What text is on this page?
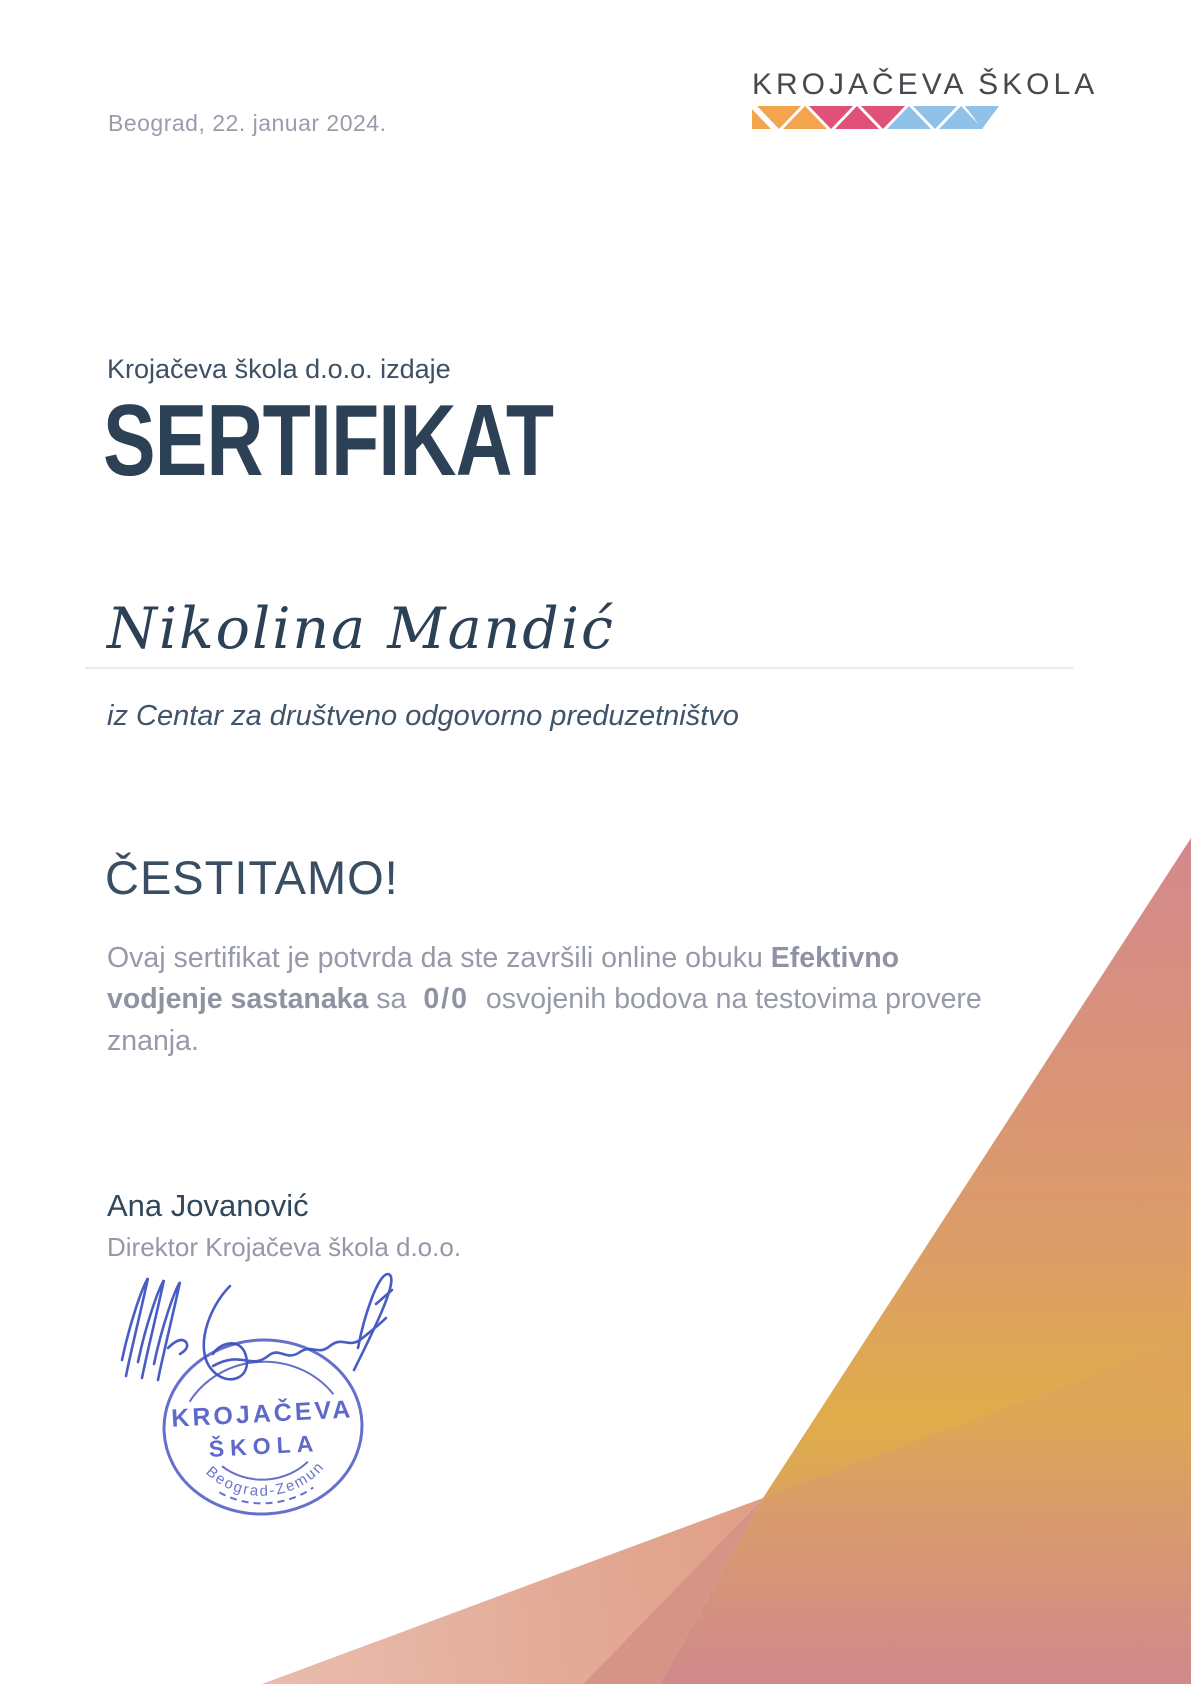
Beograd, 22. januar 2024.
KROJAČEVA ŠKOLA
Krojačeva škola d.o.o. izdaje
SERTIFIKAT
Nikolina Mandić
iz Centar za društveno odgovorno preduzetništvo
ČESTITAMO!

Ovaj sertifikat je potvrda da ste završili online obuku Efektivno vodjenje sastanaka sa 0/0 osvojenih bodova na testovima provere znanja.

Ana Jovanović
Direktor Krojačeva škola d.o.o.
KROJAČEVA
ŠKOLA
Beograd-Zemun
